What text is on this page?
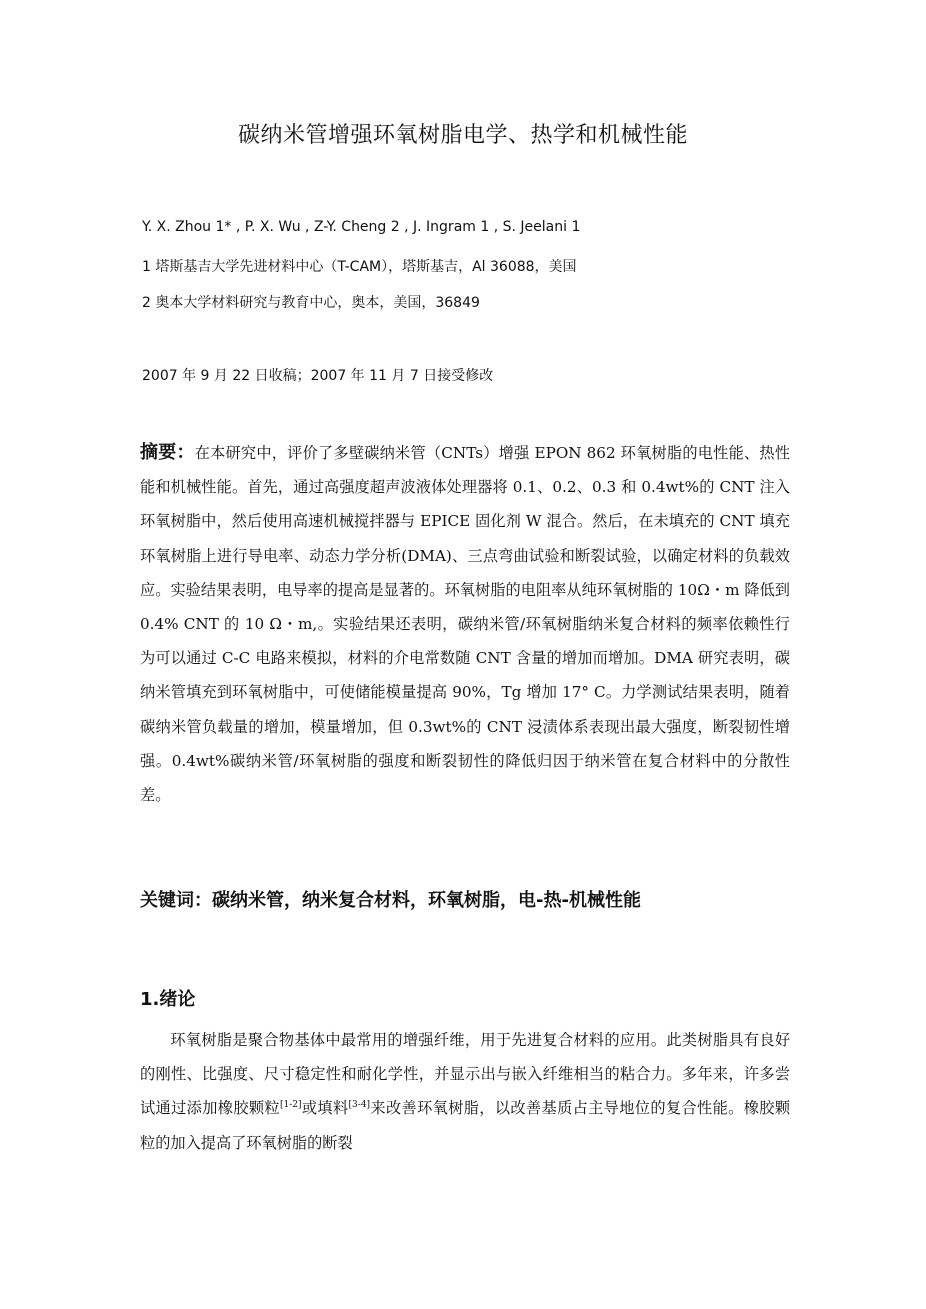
碳纳米管增强环氧树脂电学、热学和机械性能
Y. X. Zhou 1* , P. X. Wu , Z-Y. Cheng 2 , J. Ingram 1 , S. Jeelani 1
1 塔斯基吉大学先进材料中心（T-CAM），塔斯基吉，Al 36088，美国
2 奥本大学材料研究与教育中心，奥本，美国，36849
2007 年 9 月 22 日收稿；2007 年 11 月 7 日接受修改
摘要：在本研究中，评价了多壁碳纳米管（CNTs）增强 EPON 862 环氧树脂的电性能、热性能和机械性能。首先，通过高强度超声波液体处理器将 0.1、0.2、0.3 和 0.4wt%的 CNT 注入环氧树脂中，然后使用高速机械搅拌器与 EPICE 固化剂 W 混合。然后，在未填充的 CNT 填充环氧树脂上进行导电率、动态力学分析(DMA)、三点弯曲试验和断裂试验，以确定材料的负载效应。实验结果表明，电导率的提高是显著的。环氧树脂的电阻率从纯环氧树脂的 10Ω・m 降低到 0.4% CNT 的 10 Ω・m,。实验结果还表明，碳纳米管/环氧树脂纳米复合材料的频率依赖性行为可以通过 C-C 电路来模拟，材料的介电常数随 CNT 含量的增加而增加。DMA 研究表明，碳纳米管填充到环氧树脂中，可使储能模量提高 90%，Tg 增加 17° C。力学测试结果表明，随着碳纳米管负载量的增加，模量增加，但 0.3wt%的 CNT 浸渍体系表现出最大强度，断裂韧性增强。0.4wt%碳纳米管/环氧树脂的强度和断裂韧性的降低归因于纳米管在复合材料中的分散性差。
关键词：碳纳米管，纳米复合材料，环氧树脂，电-热-机械性能
1.绪论
环氧树脂是聚合物基体中最常用的增强纤维，用于先进复合材料的应用。此类树脂具有良好的刚性、比强度、尺寸稳定性和耐化学性，并显示出与嵌入纤维相当的粘合力。多年来，许多尝试通过添加橡胶颗粒[1-2]或填料[3-4]来改善环氧树脂，以改善基质占主导地位的复合性能。橡胶颗粒的加入提高了环氧树脂的断裂
